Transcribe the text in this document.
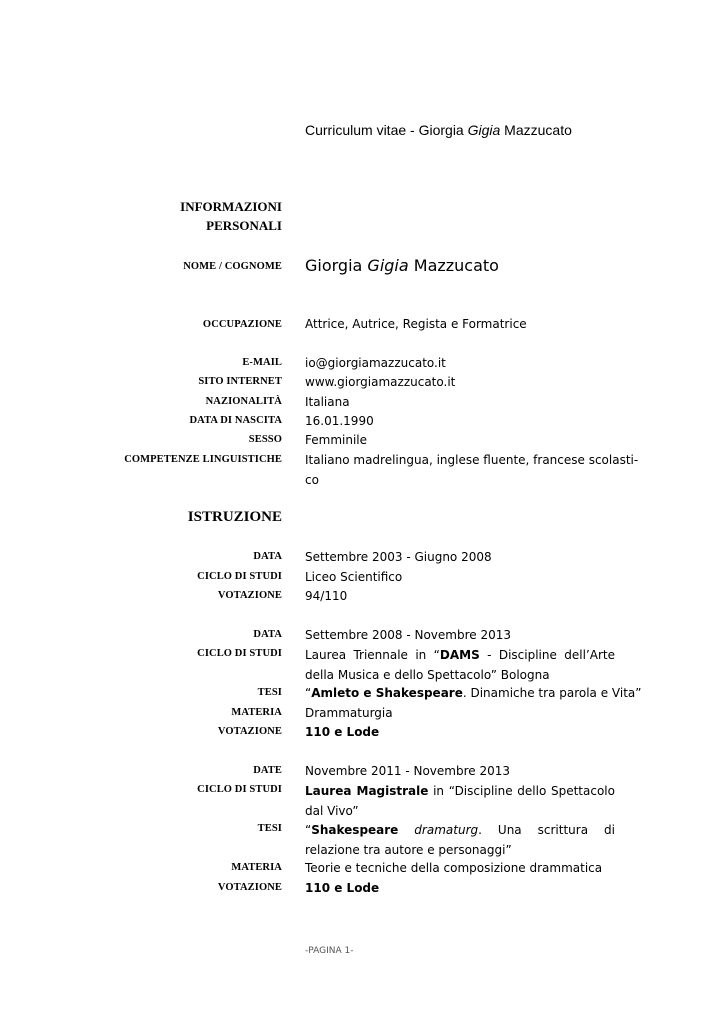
Curriculum vitae - Giorgia Gigia Mazzucato
INFORMAZIONI
PERSONALI
NOME / COGNOME Giorgia Gigia Mazzucato
OCCUPAZIONE Attrice, Autrice, Regista e Formatrice
E-MAIL io@giorgiamazzucato.it
SITO INTERNET www.giorgiamazzucato.it
NAZIONALITÀ Italiana
DATA DI NASCITA 16.01.1990
SESSO Femminile
COMPETENZE LINGUISTICHE Italiano madrelingua, inglese fluente, francese scolasti-
co
ISTRUZIONE
DATA Settembre 2003 - Giugno 2008
CICLO DI STUDI Liceo Scientifico
VOTAZIONE 94/110
DATA Settembre 2008 - Novembre 2013
CICLO DI STUDI Laurea Triennale in “DAMS - Discipline dell’Arte della Musica e dello Spettacolo” Bologna
TESI “Amleto e Shakespeare. Dinamiche tra parola e Vita”
MATERIA Drammaturgia
VOTAZIONE 110 e Lode
DATE Novembre 2011 - Novembre 2013
CICLO DI STUDI Laurea Magistrale in “Discipline dello Spettacolo dal Vivo”
TESI “Shakespeare dramaturg. Una scrittura di relazione tra autore e personaggi”
MATERIA Teorie e tecniche della composizione drammatica
VOTAZIONE 110 e Lode
-PAGINA 1-
